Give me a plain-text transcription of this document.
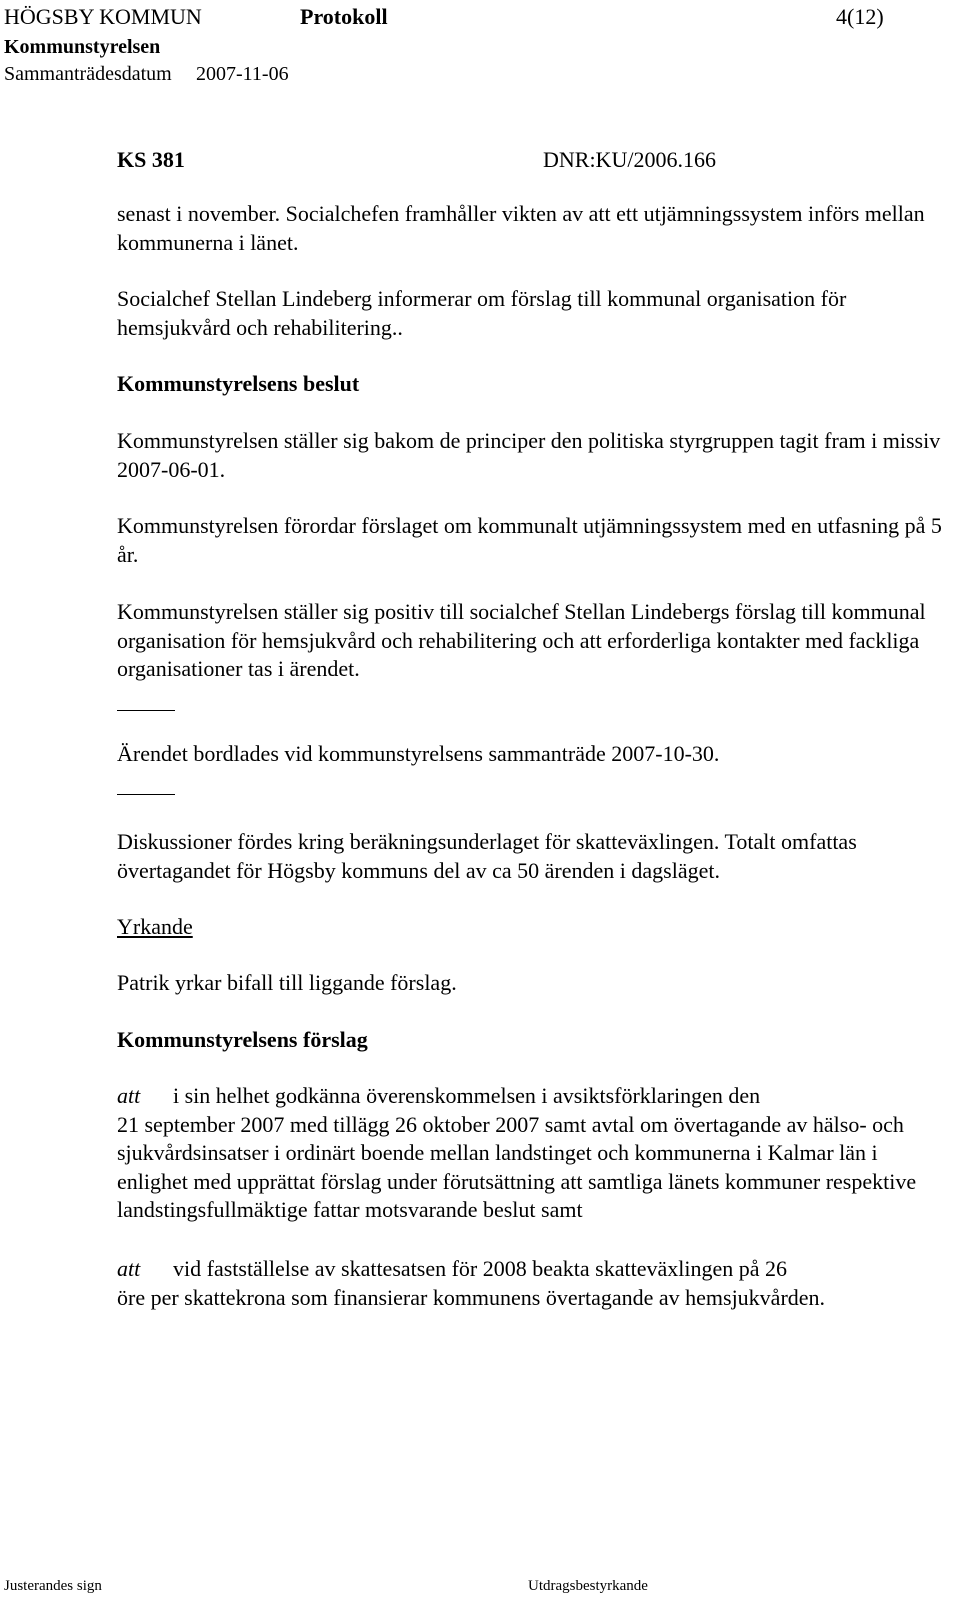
HÖGSBY KOMMUN	Protokoll	4(12)
Kommunstyrelsen
Sammanträdesdatum 2007-11-06
KS 381	DNR:KU/2006.166

senast i november. Socialchefen framhåller vikten av att ett utjämningssystem införs mellan kommunerna i länet.

Socialchef Stellan Lindeberg informerar om förslag till kommunal organisation för hemsjukvård och rehabilitering..

Kommunstyrelsens beslut

Kommunstyrelsen ställer sig bakom de principer den politiska styrgruppen tagit fram i missiv 2007-06-01.

Kommunstyrelsen förordar förslaget om kommunalt utjämningssystem med en utfasning på 5 år.

Kommunstyrelsen ställer sig positiv till socialchef Stellan Lindebergs förslag till kommunal organisation för hemsjukvård och rehabilitering och att erforderliga kontakter med fackliga organisationer tas i ärendet.

Ärendet bordlades vid kommunstyrelsens sammanträde 2007-10-30.

Diskussioner fördes kring beräkningsunderlaget för skatteväxlingen. Totalt omfattas övertagandet för Högsby kommuns del av ca 50 ärenden i dagsläget.

Yrkande

Patrik yrkar bifall till liggande förslag.

Kommunstyrelsens förslag

att i sin helhet godkänna överenskommelsen i avsiktsförklaringen den
21 september 2007 med tillägg 26 oktober 2007 samt avtal om övertagande av hälso- och sjukvårdsinsatser i ordinärt boende mellan landstinget och kommunerna i Kalmar län i enlighet med upprättat förslag under förutsättning att samtliga länets kommuner respektive landstingsfullmäktige fattar motsvarande beslut samt
att vid fastställelse av skattesatsen för 2008 beakta skatteväxlingen på 26
öre per skattekrona som finansierar kommunens övertagande av hemsjukvården.
Justerandes sign	Utdragsbestyrkande
